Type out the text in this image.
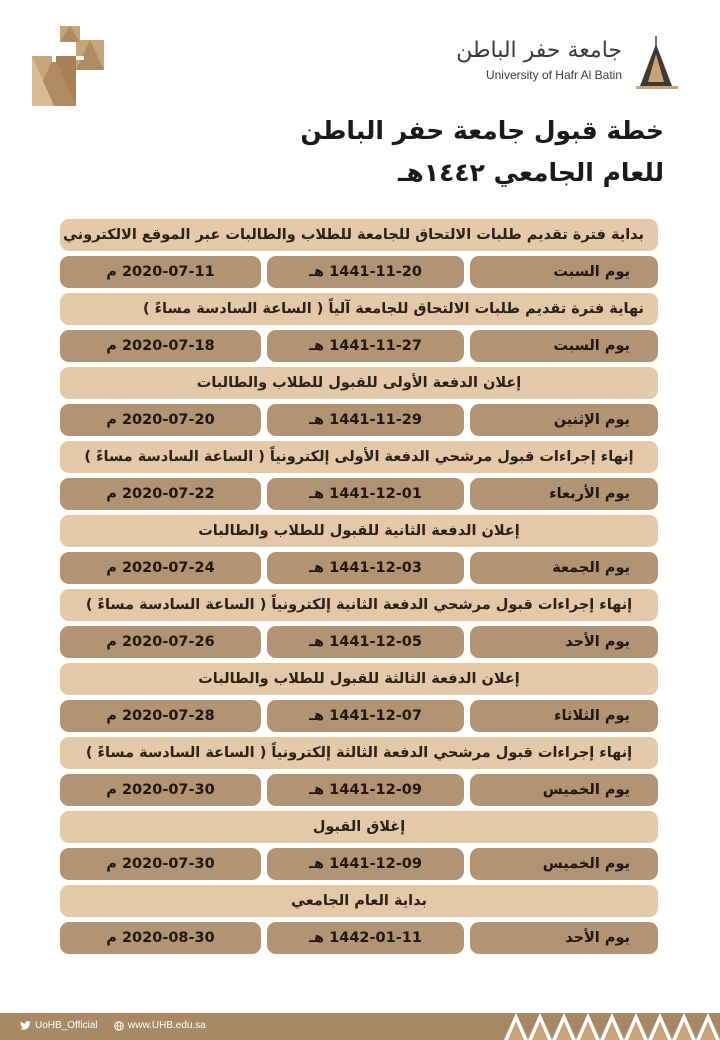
جامعة حفر الباطن
University of Hafr Al Batin
خطة قبول جامعة حفر الباطن
للعام الجامعي ١٤٤٢هـ
بداية فترة تقديم طلبات الالتحاق للجامعة للطلاب والطالبات عبر الموقع الالكتروني
يوم السبت
1441-11-20 هـ
2020-07-11 م
نهاية فترة تقديم طلبات الالتحاق للجامعة آلياً ( الساعة السادسة مساءً )
يوم السبت
1441-11-27 هـ
2020-07-18 م
إعلان الدفعة الأولى للقبول للطلاب والطالبات
يوم الإثنين
1441-11-29 هـ
2020-07-20 م
إنهاء إجراءات قبول مرشحي الدفعة الأولى إلكترونياً ( الساعة السادسة مساءً )
يوم الأربعاء
1441-12-01 هـ
2020-07-22 م
إعلان الدفعة الثانية للقبول للطلاب والطالبات
يوم الجمعة
1441-12-03 هـ
2020-07-24 م
إنهاء إجراءات قبول مرشحي الدفعة الثانية إلكترونياً ( الساعة السادسة مساءً )
يوم الأحد
1441-12-05 هـ
2020-07-26 م
إعلان الدفعة الثالثة للقبول للطلاب والطالبات
يوم الثلاثاء
1441-12-07 هـ
2020-07-28 م
إنهاء إجراءات قبول مرشحي الدفعة الثالثة إلكترونياً ( الساعة السادسة مساءً )
يوم الخميس
1441-12-09 هـ
2020-07-30 م
إغلاق القبول
يوم الخميس
1441-12-09 هـ
2020-07-30 م
بداية العام الجامعي
يوم الأحد
1442-01-11 هـ
2020-08-30 م
UoHB_Official	www.UHB.edu.sa
